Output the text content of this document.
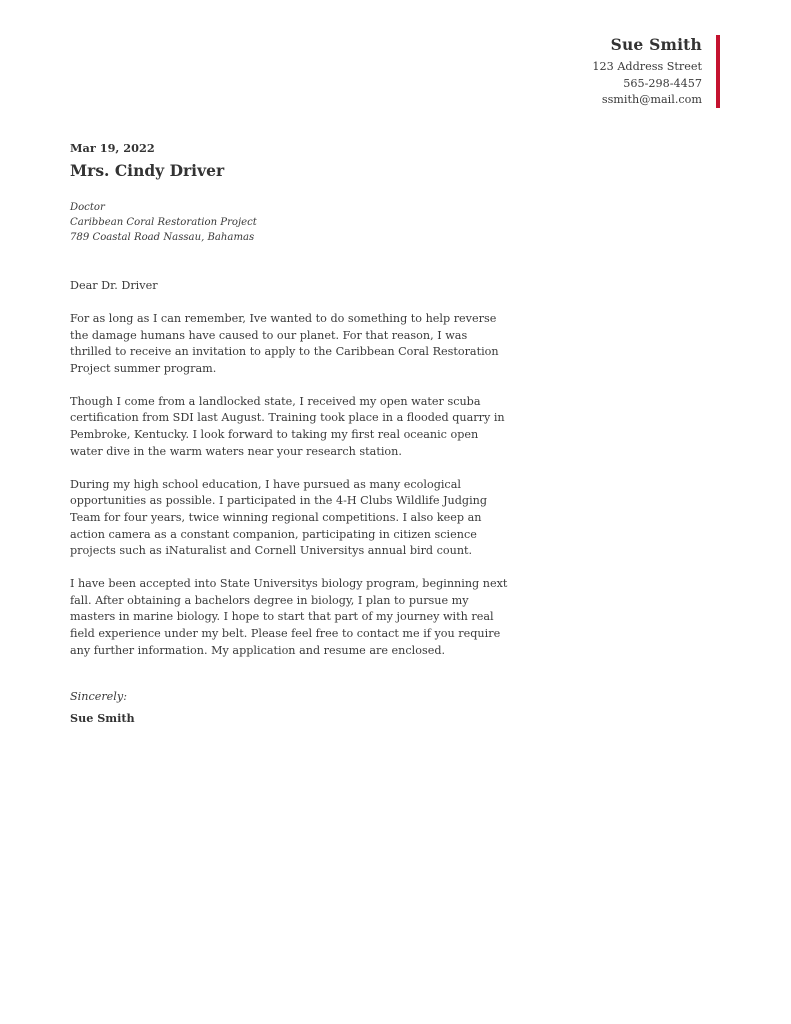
Sue Smith
123 Address Street
565-298-4457
ssmith@mail.com
Mar 19, 2022
Mrs. Cindy Driver
Doctor
Caribbean Coral Restoration Project
789 Coastal Road Nassau, Bahamas
Dear Dr. Driver
For as long as I can remember, Ive wanted to do something to help reverse the damage humans have caused to our planet. For that reason, I was thrilled to receive an invitation to apply to the Caribbean Coral Restoration Project summer program.
Though I come from a landlocked state, I received my open water scuba certification from SDI last August. Training took place in a flooded quarry in Pembroke, Kentucky. I look forward to taking my first real oceanic open water dive in the warm waters near your research station.
During my high school education, I have pursued as many ecological opportunities as possible. I participated in the 4-H Clubs Wildlife Judging Team for four years, twice winning regional competitions. I also keep an action camera as a constant companion, participating in citizen science projects such as iNaturalist and Cornell Universitys annual bird count.
I have been accepted into State Universitys biology program, beginning next fall. After obtaining a bachelors degree in biology, I plan to pursue my masters in marine biology. I hope to start that part of my journey with real field experience under my belt. Please feel free to contact me if you require any further information. My application and resume are enclosed.
Sincerely:
Sue Smith
